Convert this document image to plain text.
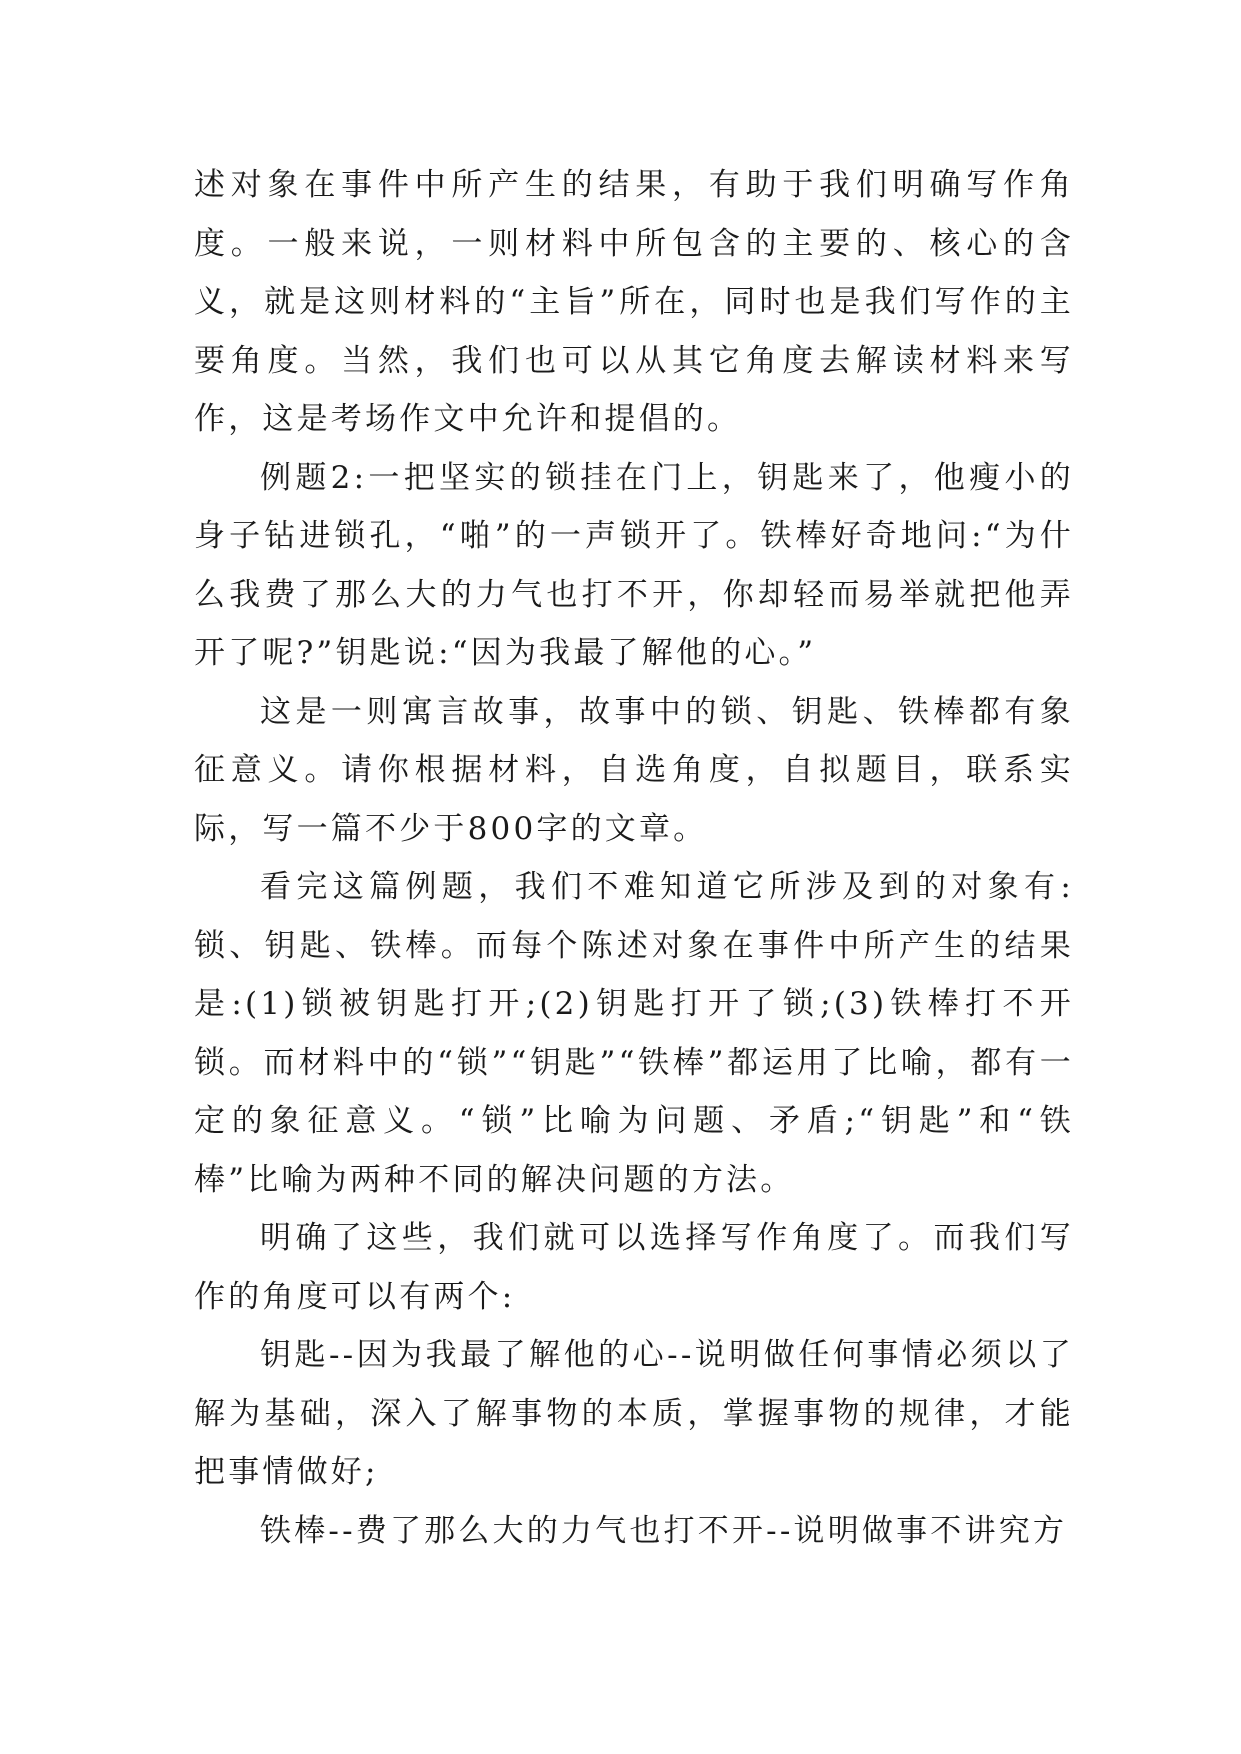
述对象在事件中所产生的结果，有助于我们明确写作角度。一般来说，一则材料中所包含的主要的、核心的含义，就是这则材料的“主旨”所在，同时也是我们写作的主要角度。当然，我们也可以从其它角度去解读材料来写作，这是考场作文中允许和提倡的。

例题2:一把坚实的锁挂在门上，钥匙来了，他瘦小的身子钻进锁孔，“啪”的一声锁开了。铁棒好奇地问:“为什么我费了那么大的力气也打不开，你却轻而易举就把他弄开了呢?”钥匙说:“因为我最了解他的心。”

这是一则寓言故事，故事中的锁、钥匙、铁棒都有象征意义。请你根据材料，自选角度，自拟题目，联系实际，写一篇不少于800字的文章。

看完这篇例题，我们不难知道它所涉及到的对象有:锁、钥匙、铁棒。而每个陈述对象在事件中所产生的结果是:(1)锁被钥匙打开;(2)钥匙打开了锁;(3)铁棒打不开锁。而材料中的“锁”“钥匙”“铁棒”都运用了比喻，都有一定的象征意义。“锁”比喻为问题、矛盾;“钥匙”和“铁棒”比喻为两种不同的解决问题的方法。

明确了这些，我们就可以选择写作角度了。而我们写作的角度可以有两个:

钥匙--因为我最了解他的心--说明做任何事情必须以了解为基础，深入了解事物的本质，掌握事物的规律，才能把事情做好;

铁棒--费了那么大的力气也打不开--说明做事不讲究方
